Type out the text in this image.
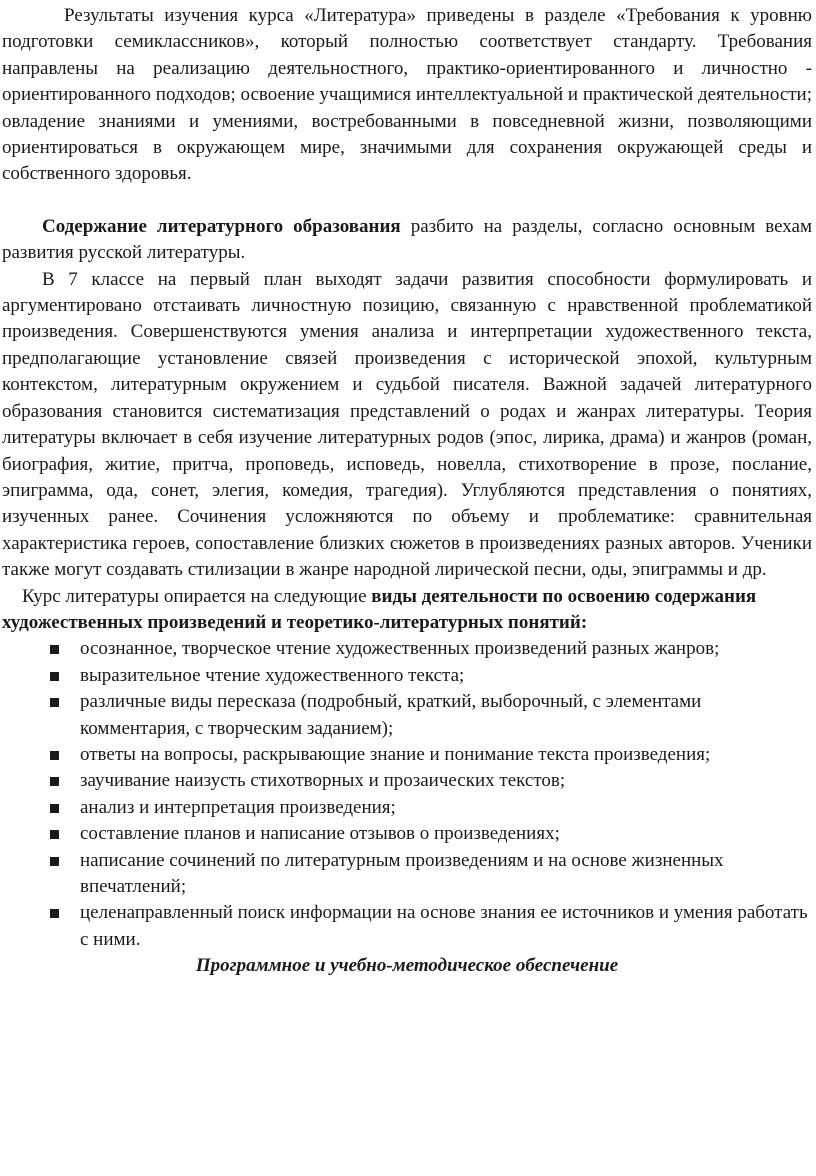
Результаты изучения курса «Литература» приведены в разделе «Требования к уровню подготовки семиклассников», который полностью соответствует стандарту. Требования направлены на реализацию деятельностного, практико-ориентированного и личностно - ориентированного подходов; освоение учащимися интеллектуальной и практической деятельности; овладение знаниями и умениями, востребованными в повседневной жизни, позволяющими ориентироваться в окружающем мире, значимыми для сохранения окружающей среды и собственного здоровья.

Содержание литературного образования разбито на разделы, согласно основным вехам развития русской литературы.

В 7 классе на первый план выходят задачи развития способности формулировать и аргументировано отстаивать личностную позицию, связанную с нравственной проблематикой произведения. Совершенствуются умения анализа и интерпретации художественного текста, предполагающие установление связей произведения с исторической эпохой, культурным контекстом, литературным окружением и судьбой писателя. Важной задачей литературного образования становится систематизация представлений о родах и жанрах литературы. Теория литературы включает в себя изучение литературных родов (эпос, лирика, драма) и жанров (роман, биография, житие, притча, проповедь, исповедь, новелла, стихотворение в прозе, послание, эпиграмма, ода, сонет, элегия, комедия, трагедия). Углубляются представления о понятиях, изученных ранее. Сочинения усложняются по объему и проблематике: сравнительная характеристика героев, сопоставление близких сюжетов в произведениях разных авторов. Ученики также могут создавать стилизации в жанре народной лирической песни, оды, эпиграммы и др.

Курс литературы опирается на следующие виды деятельности по освоению содержания художественных произведений и теоретико-литературных понятий:

осознанное, творческое чтение художественных произведений разных жанров;
выразительное чтение художественного текста;
различные виды пересказа (подробный, краткий, выборочный, с элементами комментария, с творческим заданием);
ответы на вопросы, раскрывающие знание и понимание текста произведения;
заучивание наизусть стихотворных и прозаических текстов;
анализ и интерпретация произведения;
составление планов и написание отзывов о произведениях;
написание сочинений по литературным произведениям и на основе жизненных впечатлений;
целенаправленный поиск информации на основе знания ее источников и умения работать с ними.

Программное и учебно-методическое обеспечение
